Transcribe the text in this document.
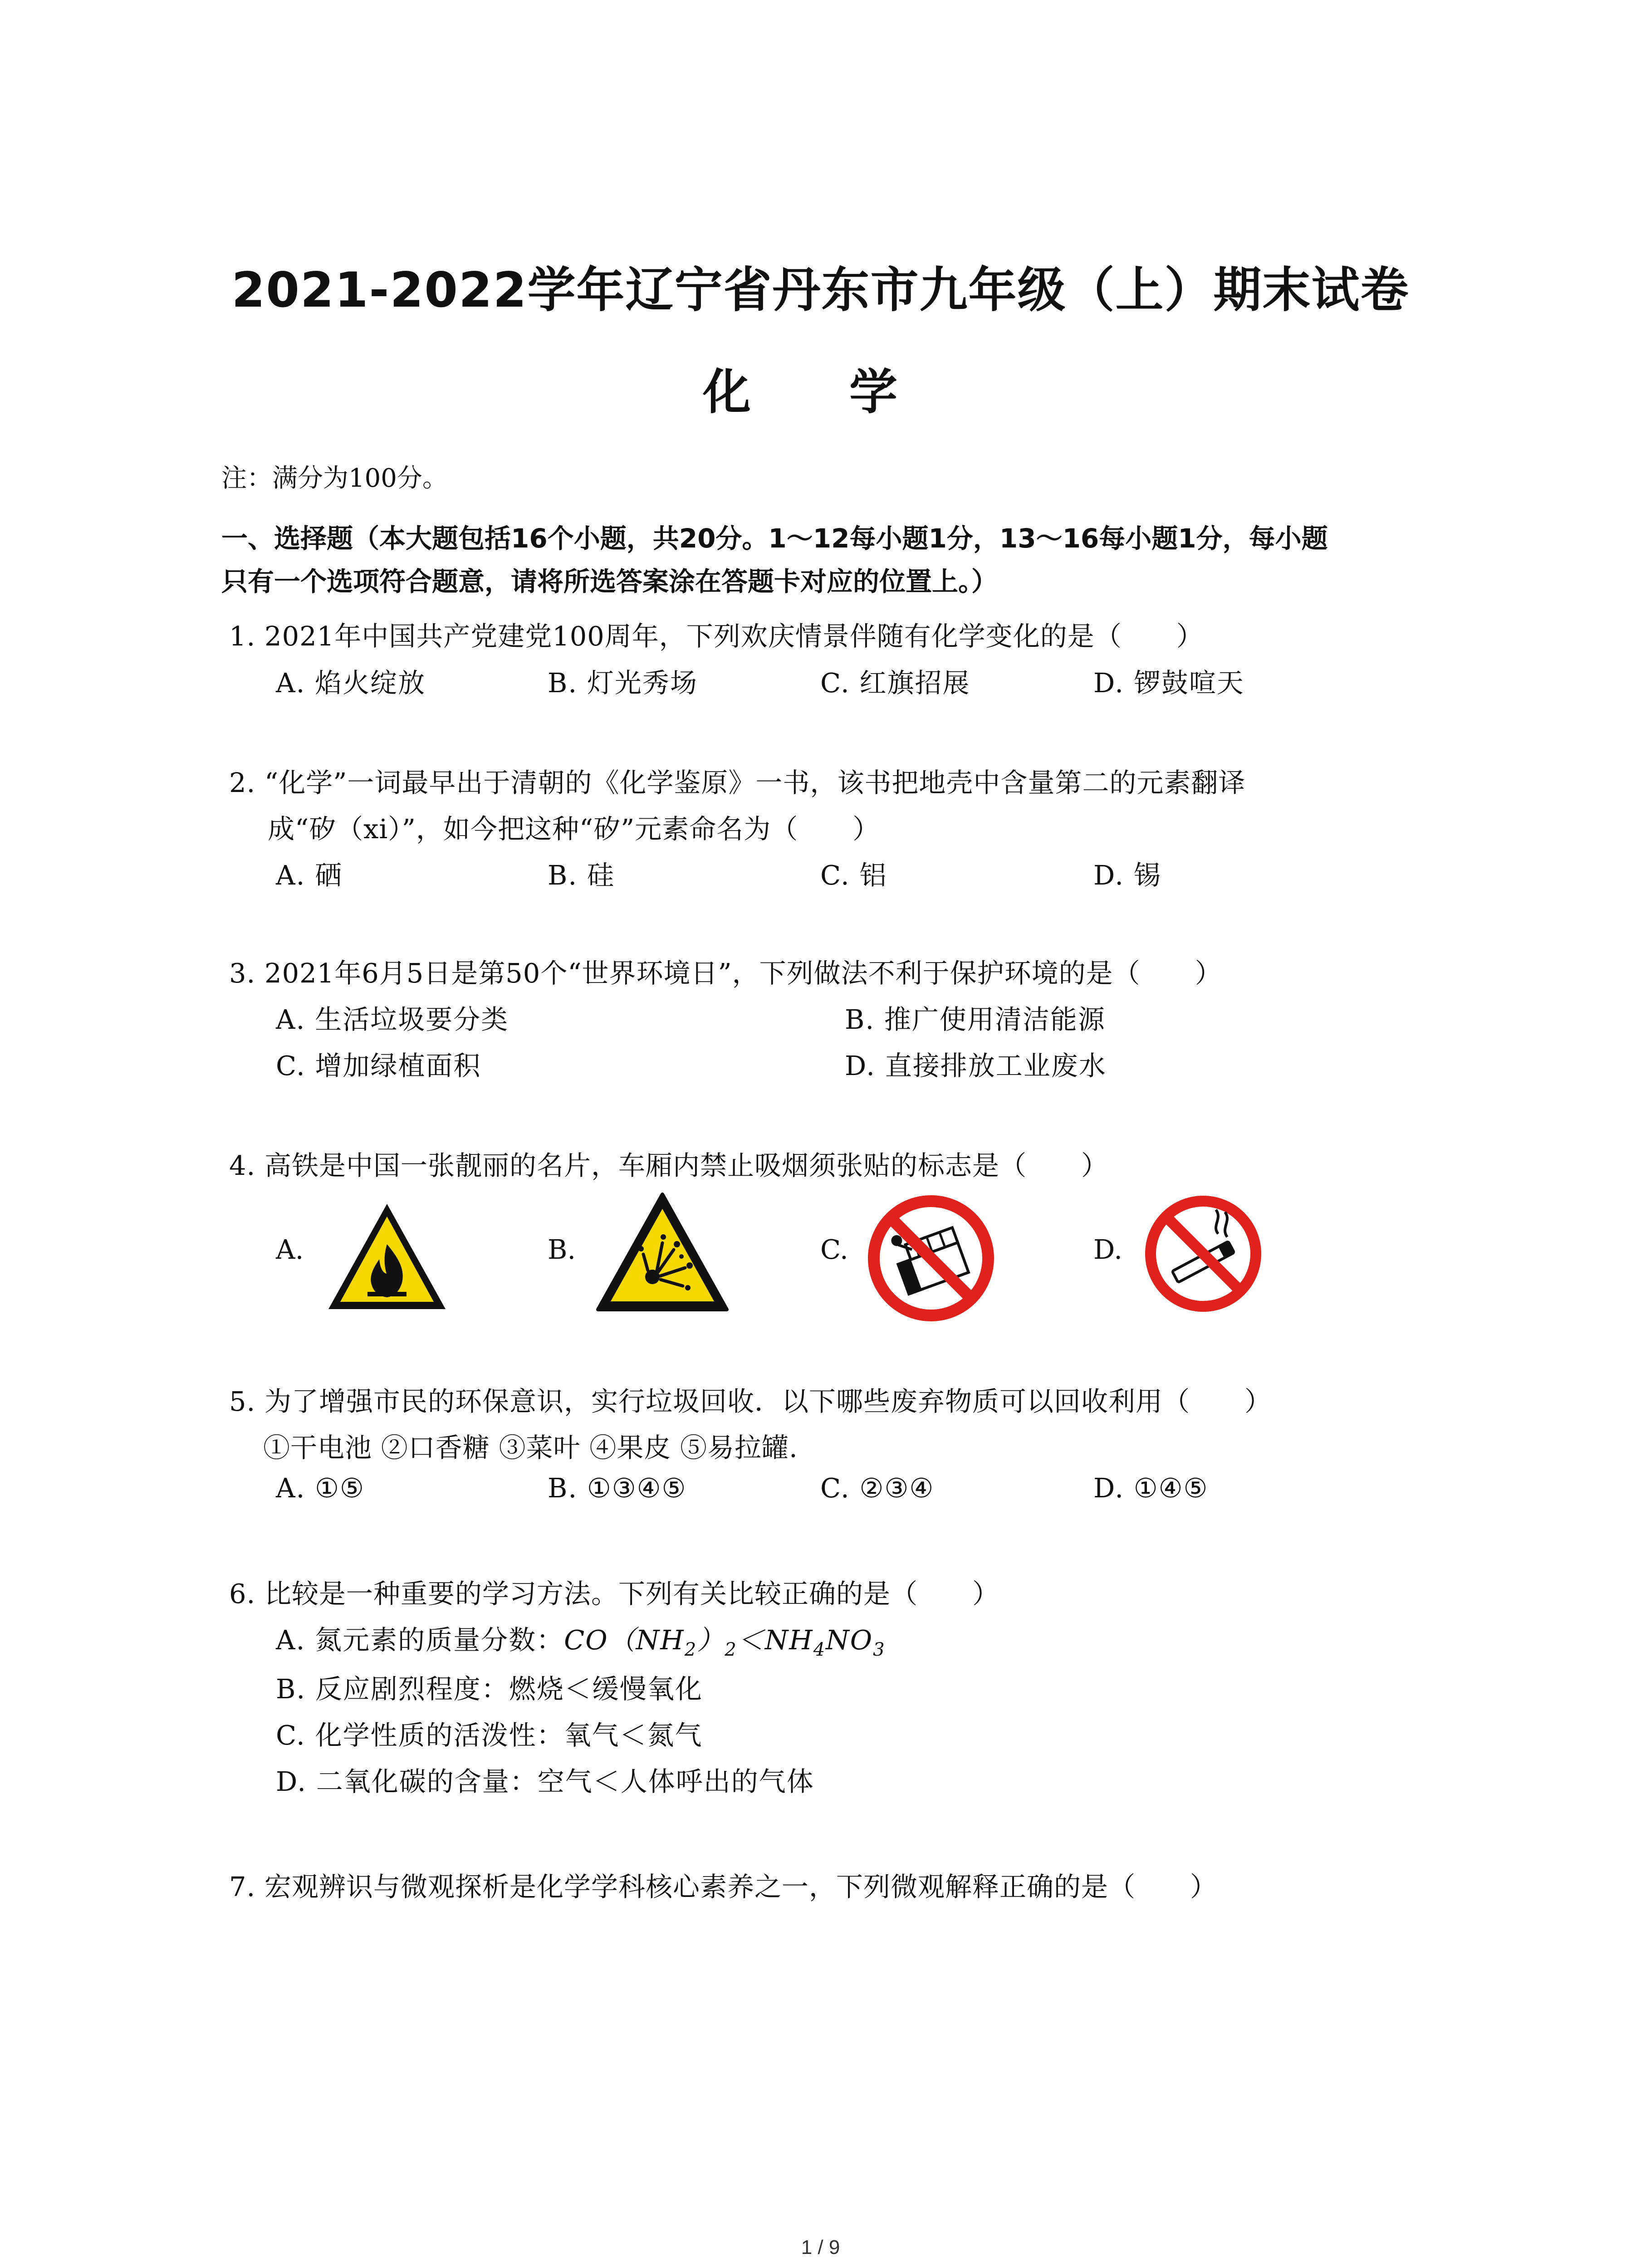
2021-2022学年辽宁省丹东市九年级（上）期末试卷
化 学
注：满分为100分。
一、选择题（本大题包括16个小题，共20分。1～12每小题1分，13～16每小题1分，每小题
只有一个选项符合题意，请将所选答案涂在答题卡对应的位置上。）
1. 2021年中国共产党建党100周年，下列欢庆情景伴随有化学变化的是（　　）
A. 焰火绽放	B. 灯光秀场	C. 红旗招展	D. 锣鼓喧天
2. “化学”一词最早出于清朝的《化学鉴原》一书，该书把地壳中含量第二的元素翻译
成“矽（xi）”，如今把这种“矽”元素命名为（　　）
A. 硒	B. 硅	C. 铝	D. 锡
3. 2021年6月5日是第50个“世界环境日”，下列做法不利于保护环境的是（　　）
A. 生活垃圾要分类	B. 推广使用清洁能源
C. 增加绿植面积	D. 直接排放工业废水
4. 高铁是中国一张靓丽的名片，车厢内禁止吸烟须张贴的标志是（　　）
A.	B.	C.	D.
5. 为了增强市民的环保意识，实行垃圾回收．以下哪些废弃物质可以回收利用（　　）
①干电池 ②口香糖 ③菜叶 ④果皮 ⑤易拉罐.
A. ①⑤	B. ①③④⑤	C. ②③④	D. ①④⑤
6. 比较是一种重要的学习方法。下列有关比较正确的是（　　）
A. 氮元素的质量分数：$CO(NH_2)_2<NH_4NO_3$
B. 反应剧烈程度：燃烧＜缓慢氧化
C. 化学性质的活泼性：氧气＜氮气
D. 二氧化碳的含量：空气＜人体呼出的气体
7. 宏观辨识与微观探析是化学学科核心素养之一，下列微观解释正确的是（　　）
1 / 9
